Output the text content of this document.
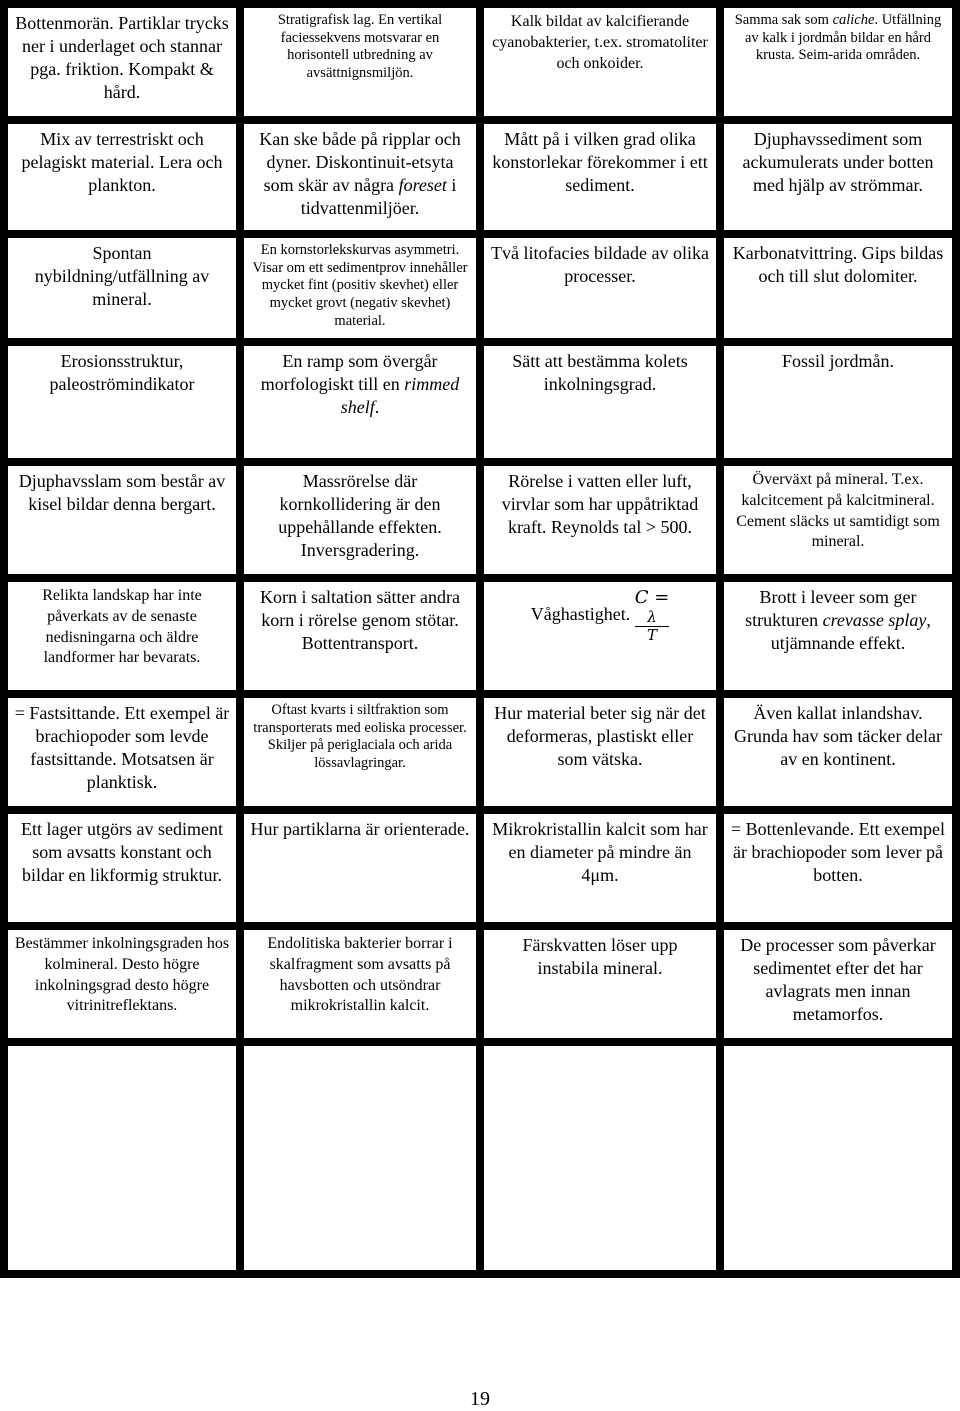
Bottenmorän. Partiklar trycks ner i underlaget och stannar pga. friktion. Kompakt & hård.
Stratigrafisk lag. En vertikal faciessekvens motsvarar en horisontell utbredning av avsättnignsmiljön.
Kalk bildat av kalcifierande cyanobakterier, t.ex. stromatoliter och onkoider.
Samma sak som caliche. Utfällning av kalk i jordmån bildar en hård krusta. Seim-arida områden.
Mix av terrestriskt och pelagiskt material. Lera och plankton.
Kan ske både på ripplar och dyner. Diskontinuit-etsyta som skär av några foreset i tidvattenmiljöer.
Mått på i vilken grad olika konstorlekar förekommer i ett sediment.
Djuphavssediment som ackumulerats under botten med hjälp av strömmar.
Spontan nybildning/utfällning av mineral.
En kornstorlekskurvas asymmetri. Visar om ett sedimentprov innehåller mycket fint (positiv skevhet) eller mycket grovt (negativ skevhet) material.
Två litofacies bildade av olika processer.
Karbonatvittring. Gips bildas och till slut dolomiter.
Erosionsstruktur, paleoströmindikator
En ramp som övergår morfologiskt till en rimmed shelf.
Sätt att bestämma kolets inkolningsgrad.
Fossil jordmån.
Djuphavsslam som består av kisel bildar denna bergart.
Massrörelse där kornkollidering är den uppehållande effekten. Inversgradering.
Rörelse i vatten eller luft, virvlar som har uppåtriktad kraft. Reynolds tal > 500.
Överväxt på mineral. T.ex. kalcitcement på kalcitmineral. Cement släcks ut samtidigt som mineral.
Relikta landskap har inte påverkats av de senaste nedisningarna och äldre landformer har bevarats.
Korn i saltation sätter andra korn i rörelse genom stötar. Bottentransport.
Våghastighet. C =
λ
T
Brott i leveer som ger strukturen crevasse splay, utjämnande effekt.
= Fastsittande. Ett exempel är brachiopoder som levde fastsittande. Motsatsen är planktisk.
Oftast kvarts i siltfraktion som transporterats med eoliska processer. Skiljer på periglaciala och arida lössavlagringar.
Hur material beter sig när det deformeras, plastiskt eller som vätska.
Även kallat inlandshav. Grunda hav som täcker delar av en kontinent.
Ett lager utgörs av sediment som avsatts konstant och bildar en likformig struktur.
Hur partiklarna är orienterade. Mikrokristallin kalcit som har en diameter på mindre än 4μm.
= Bottenlevande. Ett exempel är brachiopoder som lever på botten.
Bestämmer inkolningsgraden hos kolmineral. Desto högre inkolningsgrad desto högre vitrinitreflektans.
Endolitiska bakterier borrar i skalfragment som avsatts på havsbotten och utsöndrar mikrokristallin kalcit.
Färskvatten löser upp instabila mineral.
De processer som påverkar sedimentet efter det har avlagrats men innan metamorfos.
19
